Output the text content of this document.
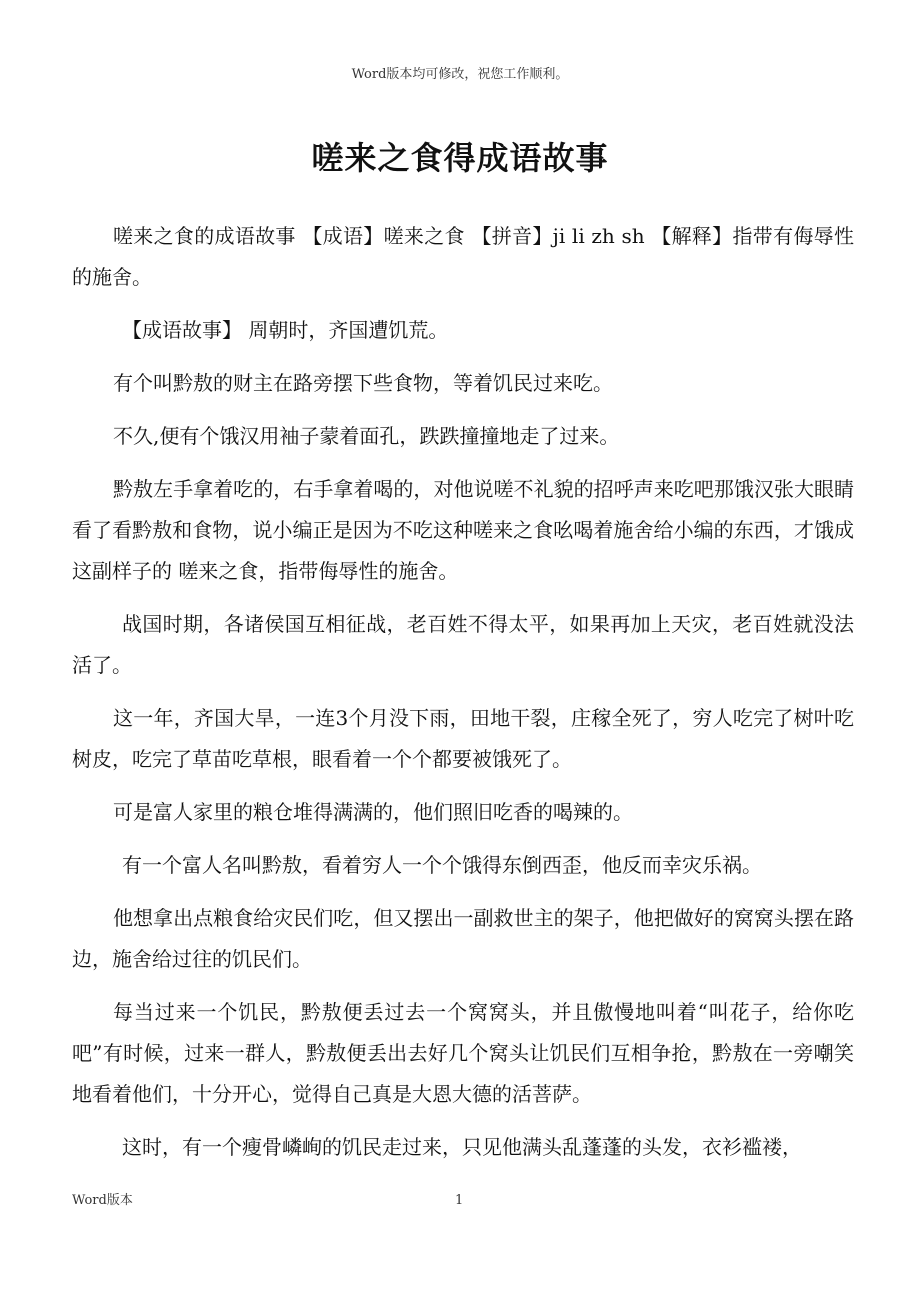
Word版本均可修改，祝您工作顺利。
嗟来之食得成语故事

嗟来之食的成语故事 【成语】嗟来之食 【拼音】ji li zh sh 【解释】指带有侮辱性的施舍。

【成语故事】 周朝时，齐国遭饥荒。

有个叫黔敖的财主在路旁摆下些食物，等着饥民过来吃。

不久,便有个饿汉用袖子蒙着面孔，跌跌撞撞地走了过来。

黔敖左手拿着吃的，右手拿着喝的，对他说嗟不礼貌的招呼声来吃吧那饿汉张大眼睛看了看黔敖和食物，说小编正是因为不吃这种嗟来之食吆喝着施舍给小编的东西，才饿成这副样子的 嗟来之食，指带侮辱性的施舍。

战国时期，各诸侯国互相征战，老百姓不得太平，如果再加上天灾，老百姓就没法活了。

这一年，齐国大旱，一连3个月没下雨，田地干裂，庄稼全死了，穷人吃完了树叶吃树皮，吃完了草苗吃草根，眼看着一个个都要被饿死了。

可是富人家里的粮仓堆得满满的，他们照旧吃香的喝辣的。

有一个富人名叫黔敖，看着穷人一个个饿得东倒西歪，他反而幸灾乐祸。

他想拿出点粮食给灾民们吃，但又摆出一副救世主的架子，他把做好的窝窝头摆在路边，施舍给过往的饥民们。

每当过来一个饥民，黔敖便丢过去一个窝窝头，并且傲慢地叫着“叫花子，给你吃吧”有时候，过来一群人，黔敖便丢出去好几个窝头让饥民们互相争抢，黔敖在一旁嘲笑地看着他们，十分开心，觉得自己真是大恩大德的活菩萨。

这时，有一个瘦骨嶙峋的饥民走过来，只见他满头乱蓬蓬的头发，衣衫褴褛，

Word版本	1
